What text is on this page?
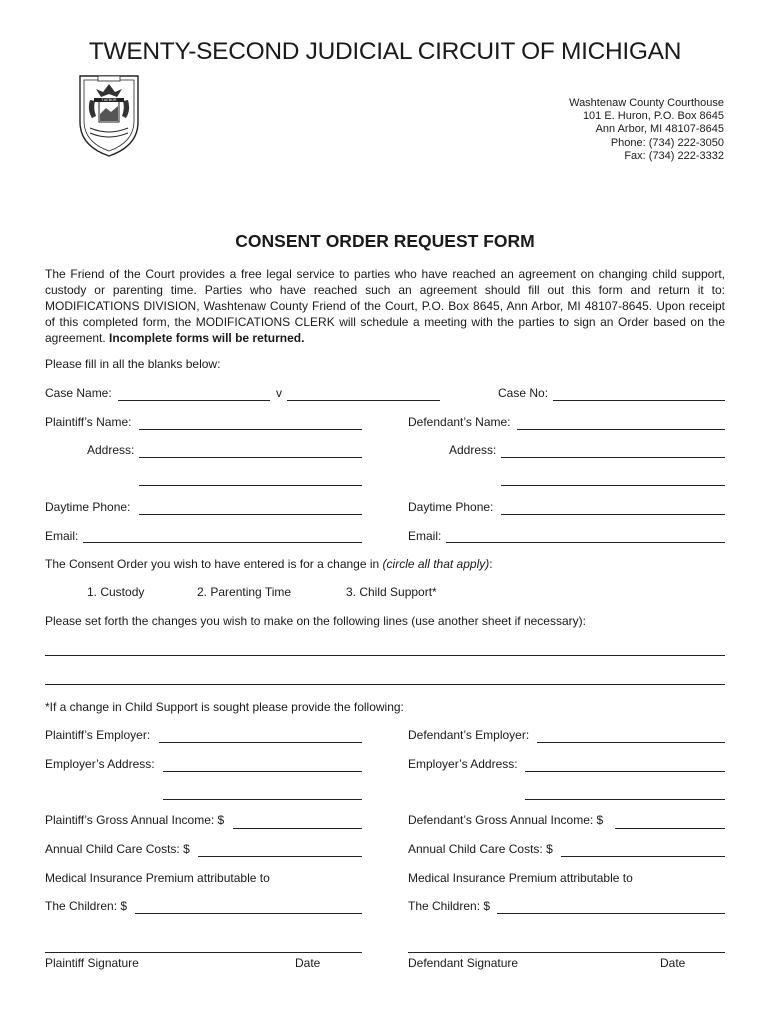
TWENTY-SECOND JUDICIAL CIRCUIT OF MICHIGAN
TUEBOR	Washtenaw County Courthouse
101 E. Huron, P.O. Box 8645
Ann Arbor, MI 48107-8645
Phone: (734) 222-3050
Fax: (734) 222-3332
CONSENT ORDER REQUEST FORM
The Friend of the Court provides a free legal service to parties who have reached an agreement on changing child support, custody or parenting time. Parties who have reached such an agreement should fill out this form and return it to: MODIFICATIONS DIVISION, Washtenaw County Friend of the Court, P.O. Box 8645, Ann Arbor, MI 48107-8645. Upon receipt of this completed form, the MODIFICATIONS CLERK will schedule a meeting with the parties to sign an Order based on the agreement. Incomplete forms will be returned.
Please fill in all the blanks below:
Case Name:	v	Case No:
Plaintiff’s Name:	Defendant’s Name:
Address:	Address:
Daytime Phone:	Daytime Phone:
Email:	Email:
The Consent Order you wish to have entered is for a change in (circle all that apply):
1. Custody	2. Parenting Time	3. Child Support*
Please set forth the changes you wish to make on the following lines (use another sheet if necessary):
*If a change in Child Support is sought please provide the following:
Plaintiff’s Employer:	Defendant’s Employer:
Employer’s Address:	Employer’s Address:
Plaintiff’s Gross Annual Income: $	Defendant’s Gross Annual Income: $
Annual Child Care Costs: $	Annual Child Care Costs: $
Medical Insurance Premium attributable to	Medical Insurance Premium attributable to
The Children: $	The Children: $
Plaintiff Signature	Date	Defendant Signature	Date
